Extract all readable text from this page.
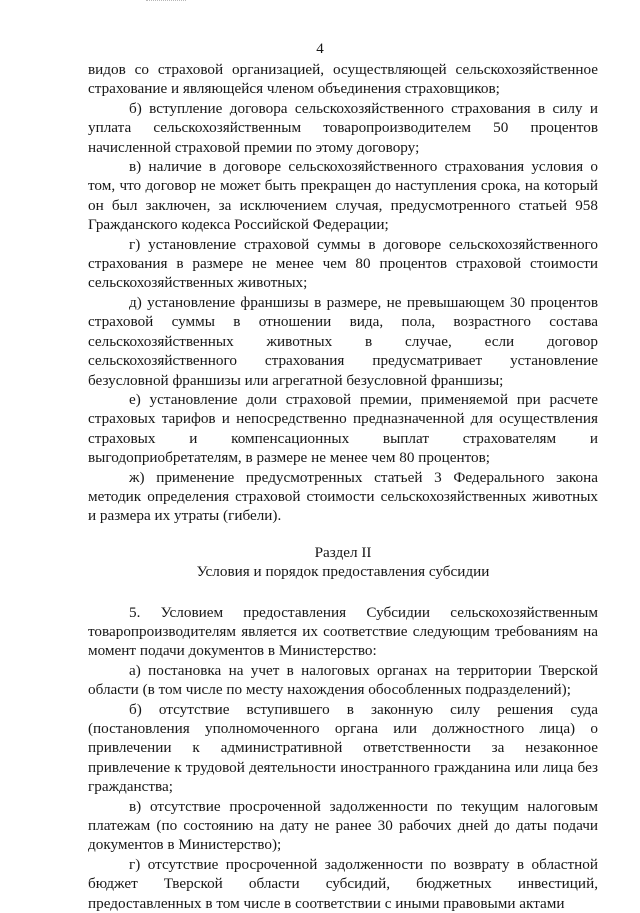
4

видов со страховой организацией, осуществляющей сельскохозяйственное страхование и являющейся членом объединения страховщиков;

б) вступление договора сельскохозяйственного страхования в силу и уплата сельскохозяйственным товаропроизводителем 50 процентов начисленной страховой премии по этому договору;

в) наличие в договоре сельскохозяйственного страхования условия о том, что договор не может быть прекращен до наступления срока, на который он был заключен, за исключением случая, предусмотренного статьей 958 Гражданского кодекса Российской Федерации;

г) установление страховой суммы в договоре сельскохозяйственного страхования в размере не менее чем 80 процентов страховой стоимости сельскохозяйственных животных;

д) установление франшизы в размере, не превышающем 30 процентов страховой суммы в отношении вида, пола, возрастного состава сельскохозяйственных животных в случае, если договор сельскохозяйственного страхования предусматривает установление безусловной франшизы или агрегатной безусловной франшизы;

е) установление доли страховой премии, применяемой при расчете страховых тарифов и непосредственно предназначенной для осуществления страховых и компенсационных выплат страхователям и выгодоприобретателям, в размере не менее чем 80 процентов;

ж) применение предусмотренных статьей 3 Федерального закона методик определения страховой стоимости сельскохозяйственных животных и размера их утраты (гибели).

Раздел II

Условия и порядок предоставления субсидии

5. Условием предоставления Субсидии сельскохозяйственным товаропроизводителям является их соответствие следующим требованиям на момент подачи документов в Министерство:

а) постановка на учет в налоговых органах на территории Тверской области (в том числе по месту нахождения обособленных подразделений);

б) отсутствие вступившего в законную силу решения суда (постановления уполномоченного органа или должностного лица) о привлечении к административной ответственности за незаконное привлечение к трудовой деятельности иностранного гражданина или лица без гражданства;

в) отсутствие просроченной задолженности по текущим налоговым платежам (по состоянию на дату не ранее 30 рабочих дней до даты подачи документов в Министерство);

г) отсутствие просроченной задолженности по возврату в областной бюджет Тверской области субсидий, бюджетных инвестиций, предоставленных в том числе в соответствии с иными правовыми актами
